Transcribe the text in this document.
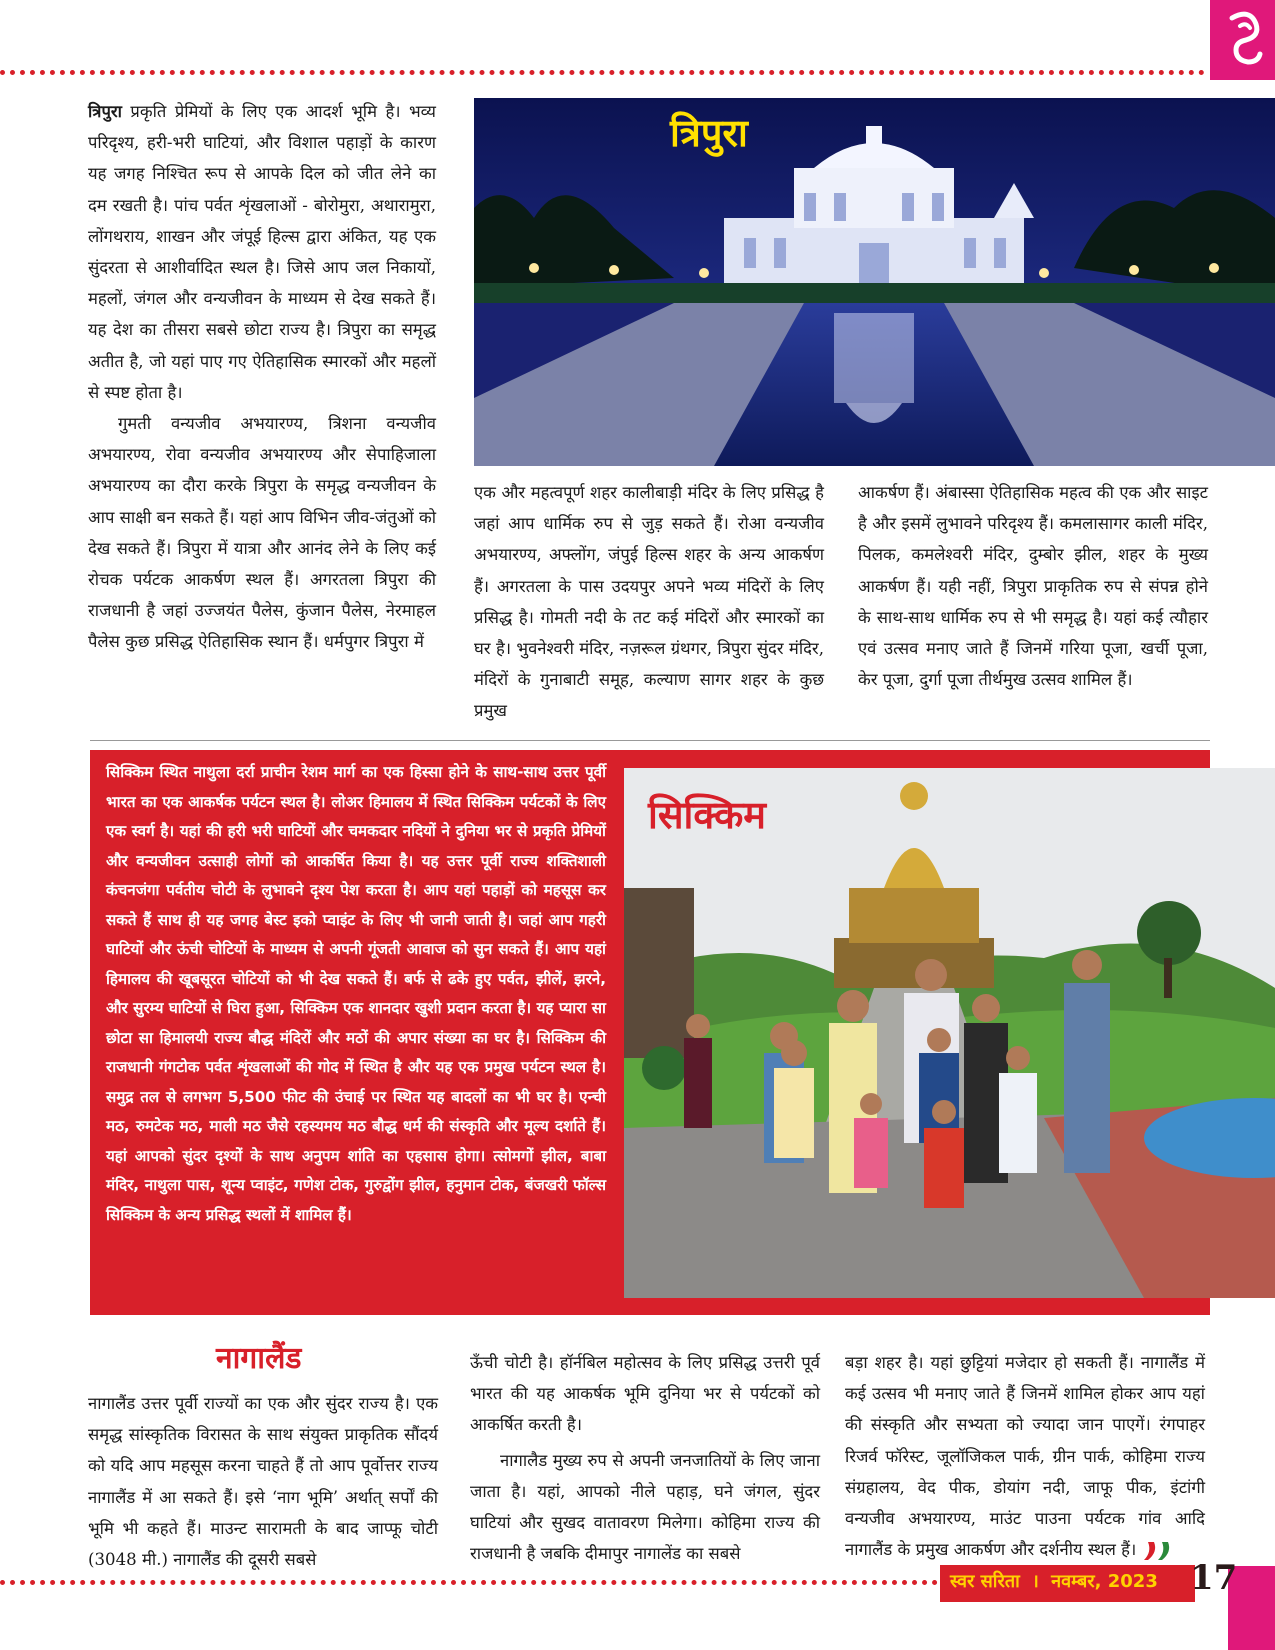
त्रिपुरा

त्रिपुरा प्रकृति प्रेमियों के लिए एक आदर्श भूमि है। भव्य परिदृश्य, हरी-भरी घाटियां, और विशाल पहाड़ों के कारण यह जगह निश्चित रूप से आपके दिल को जीत लेने का दम रखती है। पांच पर्वत शृंखलाओं - बोरोमुरा, अथारामुरा, लोंगथराय, शाखन और जंपूई हिल्स द्वारा अंकित, यह एक सुंदरता से आशीर्वादित स्थल है। जिसे आप जल निकायों, महलों, जंगल और वन्यजीवन के माध्यम से देख सकते हैं। यह देश का तीसरा सबसे छोटा राज्य है। त्रिपुरा का समृद्ध अतीत है, जो यहां पाए गए ऐतिहासिक स्मारकों और महलों से स्पष्ट होता है।

गुमती वन्यजीव अभयारण्य, त्रिशना वन्यजीव अभयारण्य, रोवा वन्यजीव अभयारण्य और सेपाहिजाला अभयारण्य का दौरा करके त्रिपुरा के समृद्ध वन्यजीवन के आप साक्षी बन सकते हैं। यहां आप विभिन जीव-जंतुओं को देख सकते हैं। त्रिपुरा में यात्रा और आनंद लेने के लिए कई रोचक पर्यटक आकर्षण स्थल हैं। अगरतला त्रिपुरा की राजधानी है जहां उज्जयंत पैलेस, कुंजान पैलेस, नेरमाहल पैलेस कुछ प्रसिद्ध ऐतिहासिक स्थान हैं। धर्मपुगर त्रिपुरा में

एक और महत्वपूर्ण शहर कालीबाड़ी मंदिर के लिए प्रसिद्ध है जहां आप धार्मिक रुप से जुड़ सकते हैं। रोआ वन्यजीव अभयारण्य, अफ्लोंग, जंपुई हिल्स शहर के अन्य आकर्षण हैं। अगरतला के पास उदयपुर अपने भव्य मंदिरों के लिए प्रसिद्ध है। गोमती नदी के तट कई मंदिरों और स्मारकों का घर है। भुवनेश्वरी मंदिर, नज़रूल ग्रंथगर, त्रिपुरा सुंदर मंदिर, मंदिरों के गुनाबाटी समूह, कल्याण सागर शहर के कुछ प्रमुख

आकर्षण हैं। अंबास्सा ऐतिहासिक महत्व की एक और साइट है और इसमें लुभावने परिदृश्य हैं। कमलासागर काली मंदिर, पिलक, कमलेश्वरी मंदिर, दुम्बोर झील, शहर के मुख्य आकर्षण हैं। यही नहीं, त्रिपुरा प्राकृतिक रुप से संपन्न होने के साथ-साथ धार्मिक रुप से भी समृद्ध है। यहां कई त्यौहार एवं उत्सव मनाए जाते हैं जिनमें गरिया पूजा, खर्ची पूजा, केर पूजा, दुर्गा पूजा तीर्थमुख उत्सव शामिल हैं।

सिक्किम स्थित नाथुला दर्रा प्राचीन रेशम मार्ग का एक हिस्सा होने के साथ-साथ उत्तर पूर्वी भारत का एक आकर्षक पर्यटन स्थल है। लोअर हिमालय में स्थित सिक्किम पर्यटकों के लिए एक स्वर्ग है। यहां की हरी भरी घाटियों और चमकदार नदियों ने दुनिया भर से प्रकृति प्रेमियों और वन्यजीवन उत्साही लोगों को आकर्षित किया है। यह उत्तर पूर्वी राज्य शक्तिशाली कंचनजंगा पर्वतीय चोटी के लुभावने दृश्य पेश करता है। आप यहां पहाड़ों को महसूस कर सकते हैं साथ ही यह जगह बेस्ट इको प्वाइंट के लिए भी जानी जाती है। जहां आप गहरी घाटियों और ऊंची चोटियों के माध्यम से अपनी गूंजती आवाज को सुन सकते हैं। आप यहां हिमालय की खूबसूरत चोटियों को भी देख सकते हैं। बर्फ से ढके हुए पर्वत, झीलें, झरने, और सुरम्य घाटियों से घिरा हुआ, सिक्किम एक शानदार खुशी प्रदान करता है। यह प्यारा सा छोटा सा हिमालयी राज्य बौद्ध मंदिरों और मठों की अपार संख्या का घर है। सिक्किम की राजधानी गंगटोक पर्वत शृंखलाओं की गोद में स्थित है और यह एक प्रमुख पर्यटन स्थल है। समुद्र तल से लगभग 5,500 फीट की उंचाई पर स्थित यह बादलों का भी घर है। एन्ची मठ, रुमटेक मठ, माली मठ जैसे रहस्यमय मठ बौद्ध धर्म की संस्कृति और मूल्य दर्शाते हैं। यहां आपको सुंदर दृश्यों के साथ अनुपम शांति का एहसास होगा। त्सोमगों झील, बाबा मंदिर, नाथुला पास, शून्य प्वाइंट, गणेश टोक, गुरुद्वोंग झील, हनुमान टोक, बंजखरी फॉल्स सिक्किम के अन्य प्रसिद्ध स्थलों में शामिल हैं।

सिक्किम
नागालैंड

नागालैंड उत्तर पूर्वी राज्यों का एक और सुंदर राज्य है। एक समृद्ध सांस्कृतिक विरासत के साथ संयुक्त प्राकृतिक सौंदर्य को यदि आप महसूस करना चाहते हैं तो आप पूर्वोत्तर राज्य नागालैंड में आ सकते हैं। इसे ‘नाग भूमि’ अर्थात् सर्पों की भूमि भी कहते हैं। माउन्ट सारामती के बाद जाप्फू चोटी (3048 मी.) नागालैंड की दूसरी सबसे

ऊँची चोटी है। हॉर्नबिल महोत्सव के लिए प्रसिद्ध उत्तरी पूर्व भारत की यह आकर्षक भूमि दुनिया भर से पर्यटकों को आकर्षित करती है।

नागालैड मुख्य रुप से अपनी जनजातियों के लिए जाना जाता है। यहां, आपको नीले पहाड़, घने जंगल, सुंदर घाटियां और सुखद वातावरण मिलेगा। कोहिमा राज्य की राजधानी है जबकि दीमापुर नागालेंड का सबसे

बड़ा शहर है। यहां छुट्टियां मजेदार हो सकती हैं। नागालैंड में कई उत्सव भी मनाए जाते हैं जिनमें शामिल होकर आप यहां की संस्कृति और सभ्यता को ज्यादा जान पाएगें। रंगपाहर रिजर्व फॉरेस्ट, जूलॉजिकल पार्क, ग्रीन पार्क, कोहिमा राज्य संग्रहालय, वेद पीक, डोयांग नदी, जाफू पीक, इंटांगी वन्यजीव अभयारण्य, माउंट पाउना पर्यटक गांव आदि नागालैंड के प्रमुख आकर्षण और दर्शनीय स्थल हैं।

स्वर सरिता । नवम्बर, 2023 17
